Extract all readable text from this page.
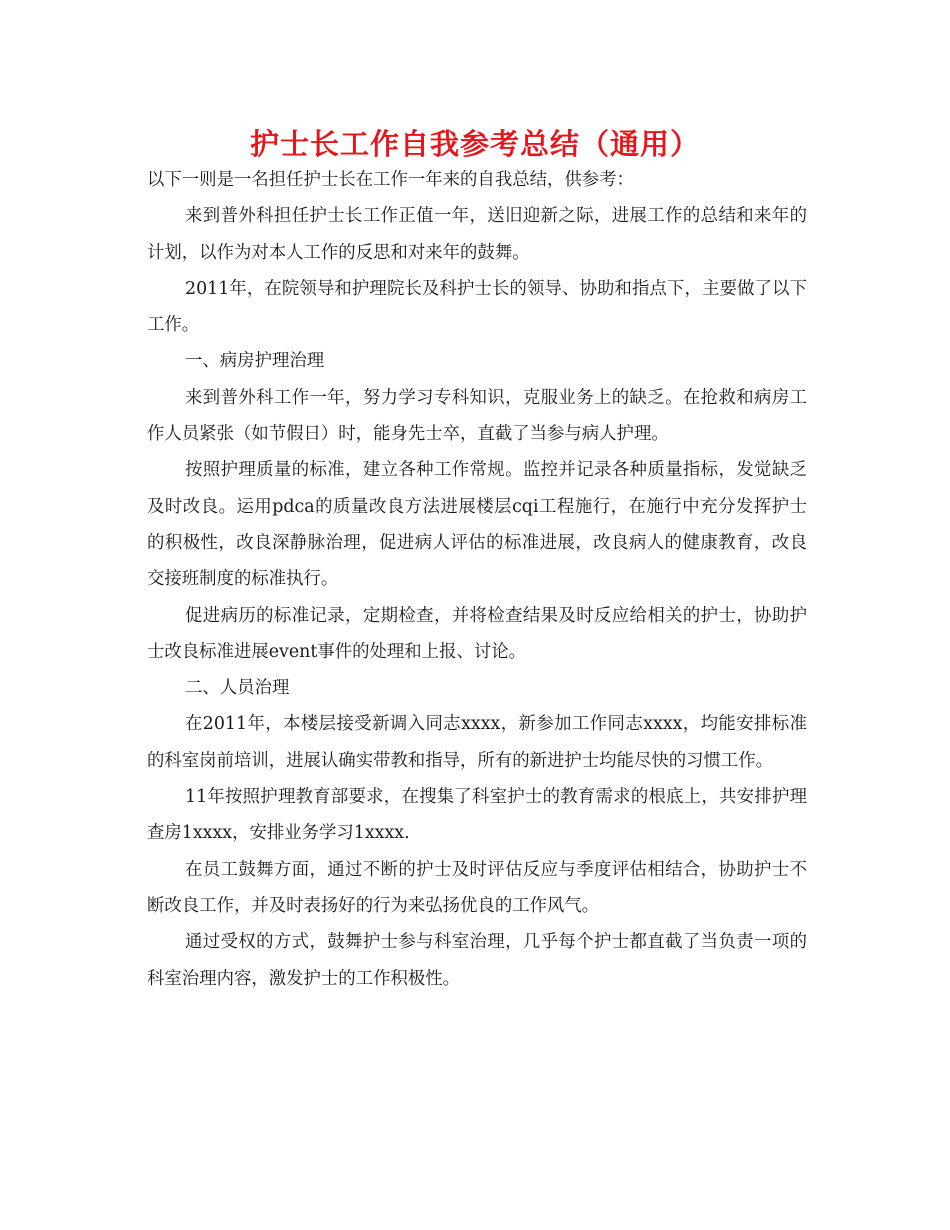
护士长工作自我参考总结（通用）

以下一则是一名担任护士长在工作一年来的自我总结，供参考：

来到普外科担任护士长工作正值一年，送旧迎新之际，进展工作的总结和来年的计划，以作为对本人工作的反思和对来年的鼓舞。

2011年，在院领导和护理院长及科护士长的领导、协助和指点下，主要做了以下工作。

一、病房护理治理

来到普外科工作一年，努力学习专科知识，克服业务上的缺乏。在抢救和病房工作人员紧张（如节假日）时，能身先士卒，直截了当参与病人护理。

按照护理质量的标准，建立各种工作常规。监控并记录各种质量指标，发觉缺乏及时改良。运用pdca的质量改良方法进展楼层cqi工程施行，在施行中充分发挥护士的积极性，改良深静脉治理，促进病人评估的标准进展，改良病人的健康教育，改良交接班制度的标准执行。

促进病历的标准记录，定期检查，并将检查结果及时反应给相关的护士，协助护士改良标准进展event事件的处理和上报、讨论。

二、人员治理

在2011年，本楼层接受新调入同志xxxx，新参加工作同志xxxx，均能安排标准的科室岗前培训，进展认确实带教和指导，所有的新进护士均能尽快的习惯工作。

11年按照护理教育部要求，在搜集了科室护士的教育需求的根底上，共安排护理查房1xxxx，安排业务学习1xxxx.

在员工鼓舞方面，通过不断的护士及时评估反应与季度评估相结合，协助护士不断改良工作，并及时表扬好的行为来弘扬优良的工作风气。

通过受权的方式，鼓舞护士参与科室治理，几乎每个护士都直截了当负责一项的科室治理内容，激发护士的工作积极性。
